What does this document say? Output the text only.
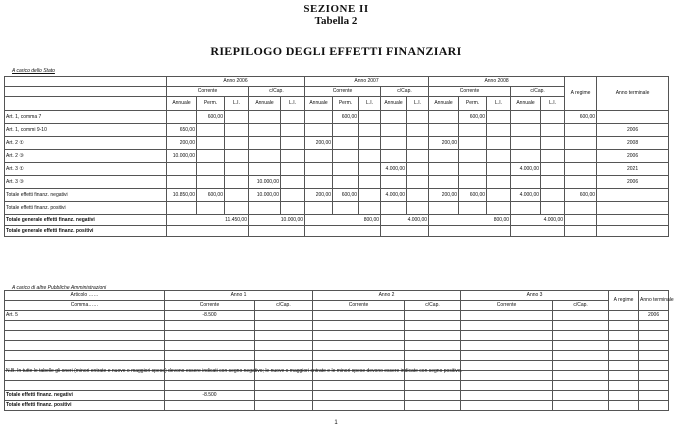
SEZIONE II
Tabella 2
RIEPILOGO DEGLI EFFETTI FINANZIARI
A carico dello Stato
	Anno 2006					Anno 2007					Anno 2008					A regime	Anno terminale
	Corrente			c/Cap.		Corrente			c/Cap.		Corrente			c/Cap.			
	Annuale	Perm.	L.I.	Annuale	L.I.	Annuale	Perm.	L.I.	Annuale	L.I.	Annuale	Perm.	L.I.	Annuale	L.I.		
Art. 1, comma 7		600,00					600,00					600,00				600,00	
Art. 1, commi 9-10	650,00																2006
Art. 2 ①	200,00					200,00					200,00						2008
Art. 2 ③	10.000,00																2006
Art. 3 ①									4.000,00					4.000,00			2021
Art. 3 ③				10.000,00													2006
Totale effetti finanz. negativi	10.850,00	600,00		10.000,00		200,00	600,00		4.000,00		200,00	600,00		4.000,00		600,00	
Totale effetti finanz. positivi																	
Totale generale effetti finanz. negativi	11.450,00			10.000,00		800,00			4.000,00		800,00			4.000,00			
Totale generale effetti finanz. positivi																	
A carico di altre Pubbliche Amministrazioni
Articolo ……	Anno 1		Anno 2		Anno 3		A regime	Anno terminale
Comma……	Corrente	c/Cap.	Corrente	c/Cap.	Corrente	c/Cap.		
Art. 5	-8.500							2006

Totale effetti finanz. negativi	-8.500							
Totale effetti finanz. positivi								
N.B. In tutte le tabelle gli oneri (minori entrate e nuove o maggiori spese) devono essere indicati con segno negativo; le nuove o maggiori entrate e le minori spese devono essere indicate con segno positivo.
1
